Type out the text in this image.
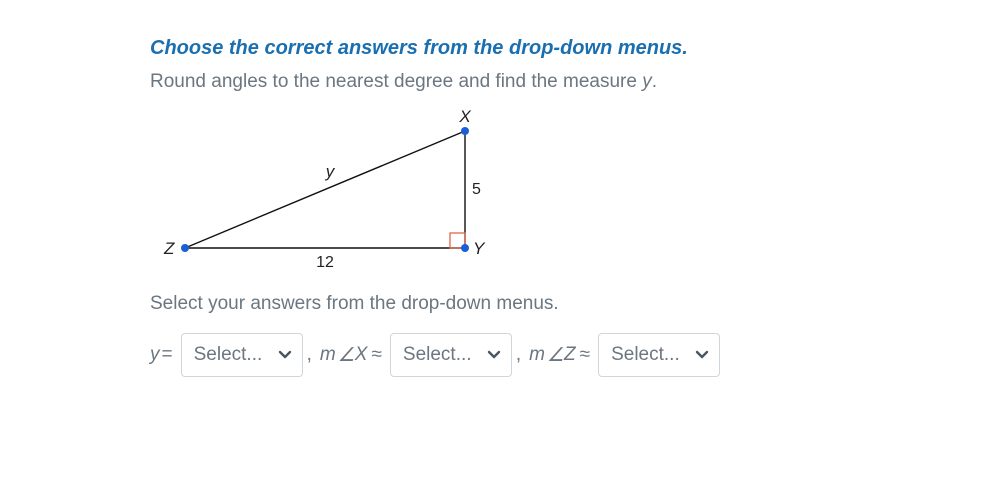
Choose the correct answers from the drop-down menus.
Round angles to the nearest degree and find the measure y.
X
Y
Z
y
5
12
Select your answers from the drop-down menus.
y = Select... , m ∠ X ≈ Select... , m ∠ Z ≈ Select...
